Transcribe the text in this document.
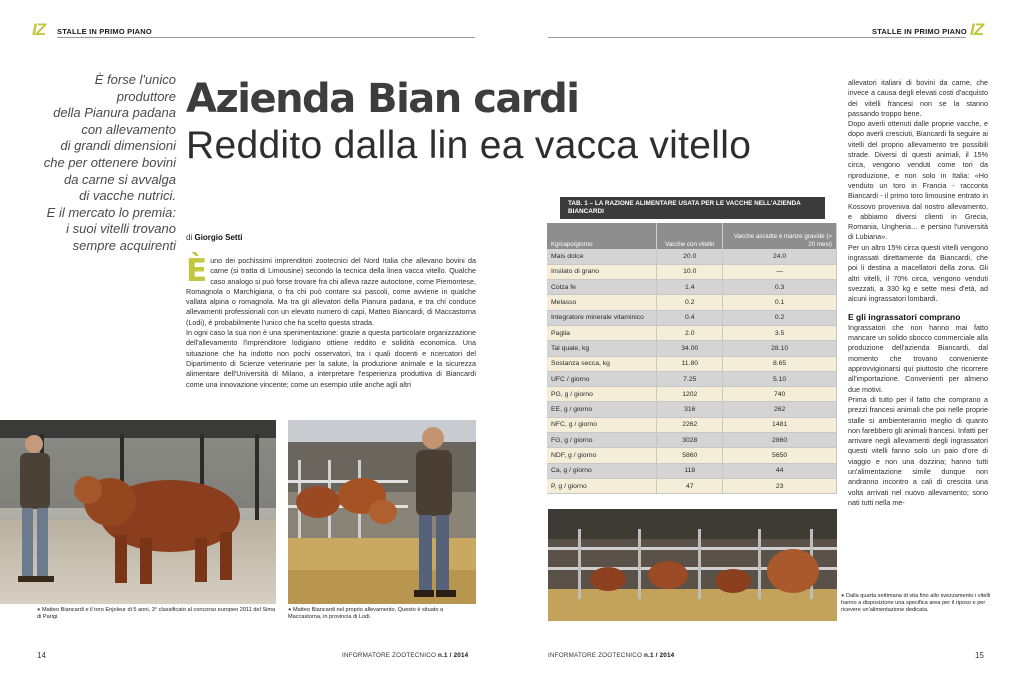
IZ STALLE IN PRIMO PIANO	STALLE IN PRIMO PIANO IZ
È forse l'unico
produttore
della Pianura padana
con allevamento
di grandi dimensioni
che per ottenere bovini
da carne si avvalga
di vacche nutrici.
E il mercato lo premia:
i suoi vitelli trovano
sempre acquirenti
Azienda Bian cardi
Reddito dalla lin ea vacca vitello
di Giorgio Setti

Èuno dei pochissimi imprenditori zootecnici del Nord Italia che allevano bovini da carne (si tratta di Limousine) secondo la tecnica della linea vacca vitello. Qualche caso analogo si può forse trovare fra chi alleva razze autoctone, come Piemontese, Romagnola o Marchigiana, o fra chi può contare sui pascoli, come avviene in qualche vallata alpina o romagnola. Ma tra gli allevatori della Pianura padana, e tra chi conduce allevamenti professionali con un elevato numero di capi, Matteo Biancardi, di Maccastorna (Lodi), è probabilmente l'unico che ha scelto questa strada.

In ogni caso la sua non è una sperimentazione: grazie a questa particolare organizzazione dell'allevamento l'imprenditore lodigiano ottiene reddito e solidità economica. Una situazione che ha indotto non pochi osservatori, tra i quali docenti e ricercatori del Dipartimento di Scienze veterinarie per la salute, la produzione animale e la sicurezza alimentare dell'Università di Milano, a interpretare l'esperienza produttiva di Biancardi come una innovazione vincente; come un esempio utile anche agli altri

● Matteo Biancardi e il toro Enjoleur di 5 anni, 3° classificato al concorso europeo 2011 del Sima di Parigi.
● Matteo Biancardi nel proprio allevamento. Questo è situato a Maccastorna, in provincia di Lodi.
TAB. 1 – LA RAZIONE ALIMENTARE USATA PER LE VACCHE NELL'AZIENDA BIANCARDI
Kg/capo/giorno	Vacche con vitello	Vacche asciutte e manze gravide (> 20 mesi)
Mais dolce	20.0	24.0
Insilato di grano	10.0	—
Colza fe	1.4	0.3
Melasso	0.2	0.1
Integratore minerale vitaminico	0.4	0.2
Paglia	2.0	3.5
Tal quale, kg	34.00	28.10
Sostanza secca, kg	11.80	8.65
UFC / giorno	7.25	5.10
PG, g / giorno	1202	740
EE, g / giorno	316	262
NFC, g / giorno	2262	1481
FG, g / giorno	3028	2860
NDF, g / giorno	5860	5650
Ca, g / giorno	118	44
P, g / giorno	47	23
● Dalla quarta settimana di vita fino allo svezzamento i vitelli hanno a disposizione una specifica area per il riposo e per ricevere un'alimentazione dedicata.

allevatori italiani di bovini da carne, che invece a causa degli elevati costi d'acquisto dei vitelli francesi non se la stanno passando troppo bene.

Dopo averli ottenuti dalle proprie vacche, e dopo averli cresciuti, Biancardi fa seguire ai vitelli del proprio allevamento tre possibili strade. Diversi di questi animali, il 15% circa, vengono venduti come tori da riproduzione, e non solo in Italia: «Ho venduto un toro in Francia - racconta Biancardi - il primo toro limousine entrato in Kossovo proveniva dal nostro allevamento, e abbiamo diversi clienti in Grecia, Romania, Ungheria… e persino l'università di Lubiana».

Per un altro 15% circa questi vitelli vengono ingrassati direttamente da Biancardi, che poi li destina a macellatori della zona. Gli altri vitelli, il 70% circa, vengono venduti svezzati, a 330 kg e sette mesi d'età, ad alcuni ingrassatori lombardi.

E gli ingrassatori comprano

Ingrassatori che non hanno mai fatto mancare un solido sbocco commerciale alla produzione dell'azienda Biancardi, dal momento che trovano conveniente approvvigionarsi qui piuttosto che ricorrere all'importazione. Convenienti per almeno due motivi.

Prima di tutto per il fatto che comprano a prezzi francesi animali che poi nelle proprie stalle si ambienteranno meglio di quanto non farebbero gli animali francesi. Infatti per arrivare negli allevamenti degli ingrassatori questi vitelli fanno solo un paio d'ore di viaggio e non una dozzina; hanno tutti un'alimentazione simile dunque non andranno incontro a cali di crescita una volta arrivati nel nuovo allevamento; sono nati tutti nella me-

14	INFORMATORE ZOOTECNICO n.1 / 2014	INFORMATORE ZOOTECNICO n.1 / 2014	15
